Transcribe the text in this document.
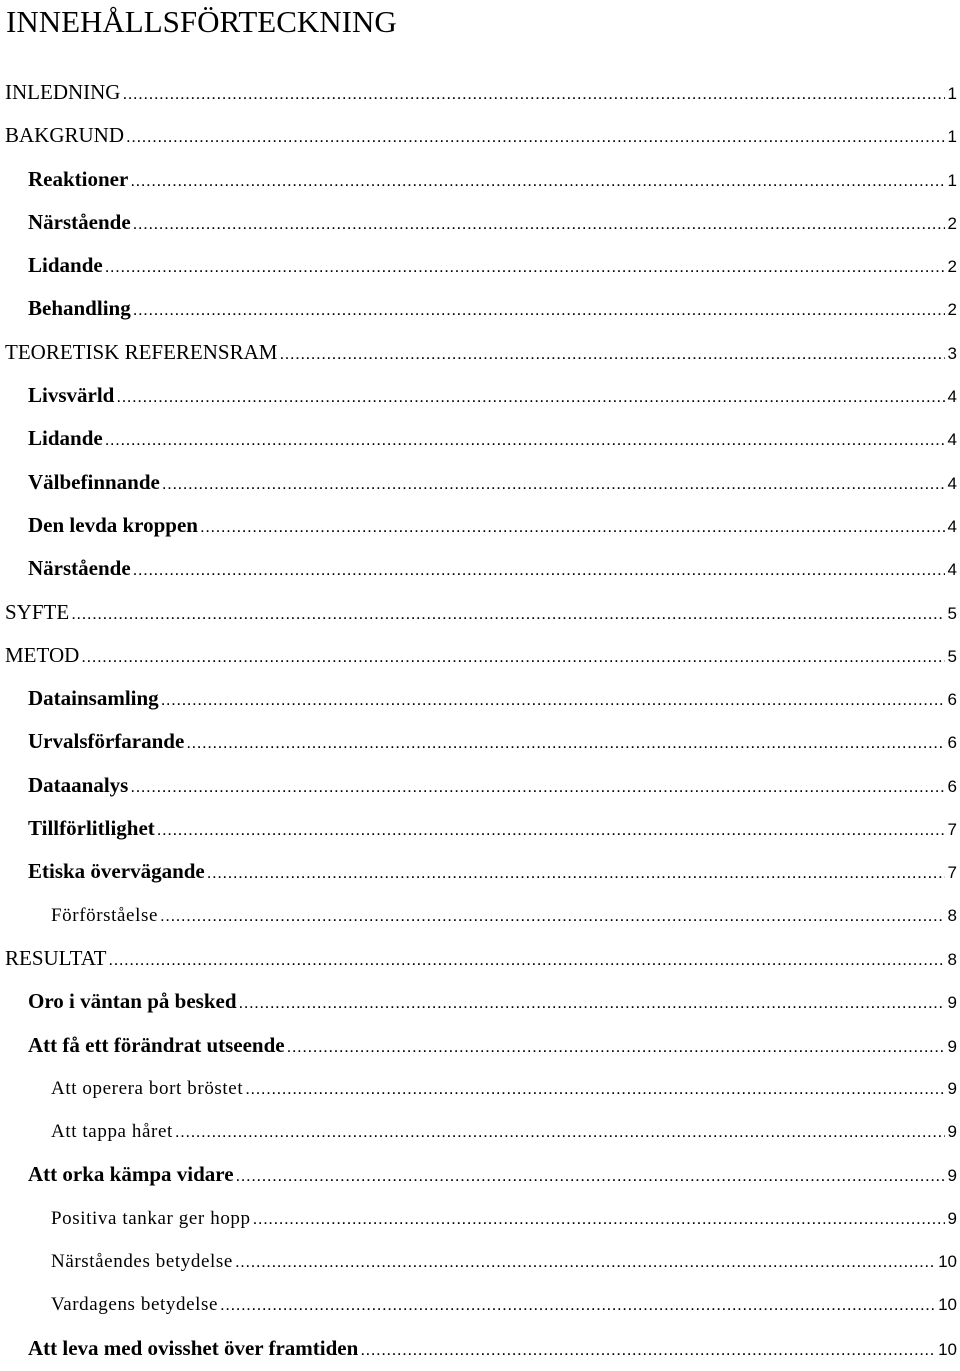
INNEHÅLLSFÖRTECKNING
INLEDNING .....	1
BAKGRUND .....	1
Reaktioner .....	1
Närstående .....	2
Lidande .....	2
Behandling .....	2
TEORETISK REFERENSRAM .....	3
Livsvärld .....	4
Lidande .....	4
Välbefinnande .....	4
Den levda kroppen .....	4
Närstående .....	4
SYFTE .....	5
METOD .....	5
Datainsamling .....	6
Urvalsförfarande .....	6
Dataanalys .....	6
Tillförlitlighet .....	7
Etiska övervägande .....	7
Förförståelse .....	8
RESULTAT .....	8
Oro i väntan på besked .....	9
Att få ett förändrat utseende .....	9
Att operera bort bröstet .....	9
Att tappa håret .....	9
Att orka kämpa vidare .....	9
Positiva tankar ger hopp .....	9
Närståendes betydelse .....	10
Vardagens betydelse .....	10
Att leva med ovisshet över framtiden .....	10
